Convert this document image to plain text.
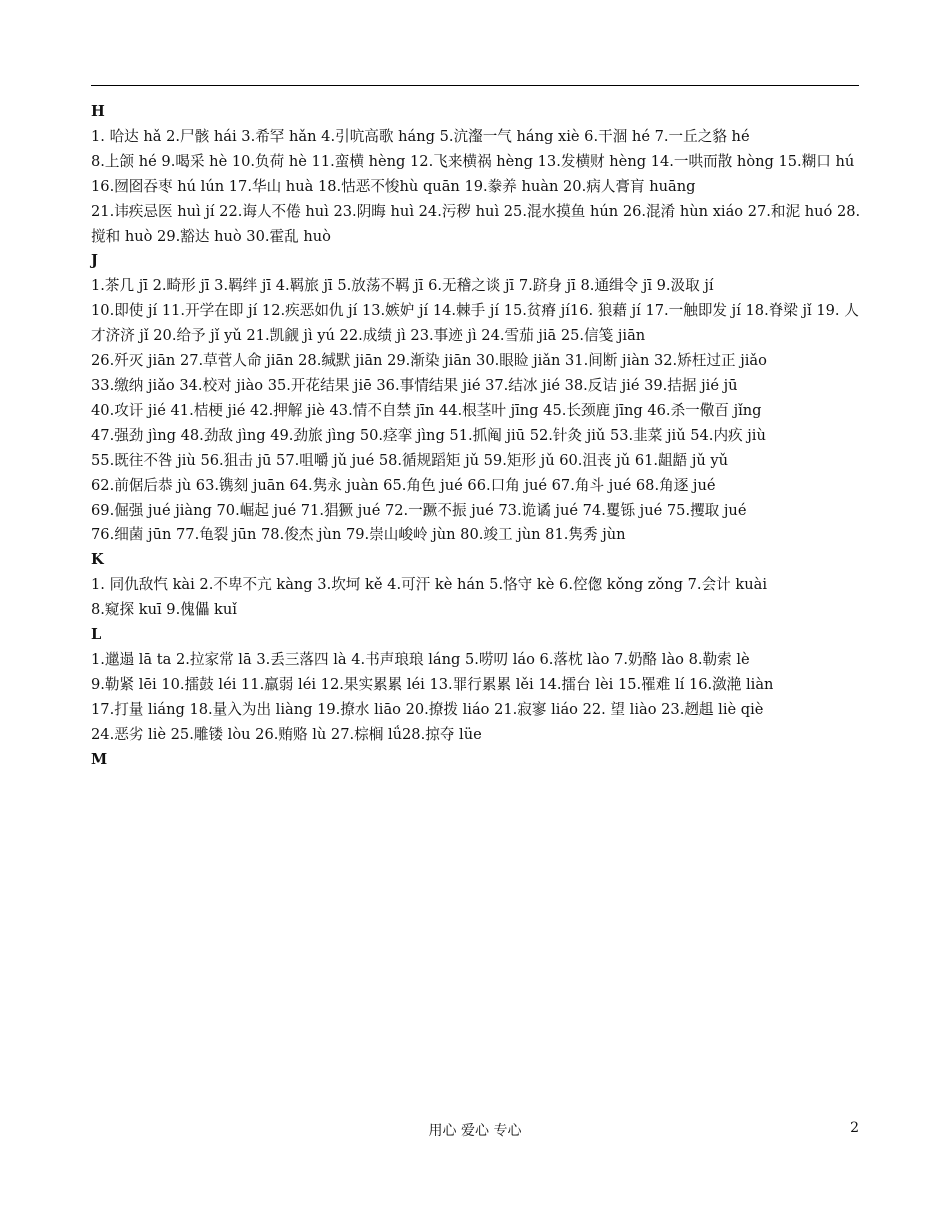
H

1. 哈达 hǎ 2.尸骸 hái 3.希罕 hǎn 4.引吭高歌 háng 5.沆瀣一气 háng xiè 6.干涸 hé 7.一丘之貉 hé

8.上颌 hé 9.喝采 hè 10.负荷 hè 11.蛮横 hèng 12.飞来横祸 hèng 13.发横财 hèng 14.一哄而散 hòng 15.糊口 hú 16.囫囵吞枣 hú lún 17.华山 huà 18.怙恶不悛hù quān 19.豢养 huàn 20.病人膏肓 huāng

21.讳疾忌医 huì jí 22.诲人不倦 huì 23.阴晦 huì 24.污秽 huì 25.混水摸鱼 hún 26.混淆 hùn xiáo 27.和泥 huó 28.搅和 huò 29.豁达 huò 30.霍乱 huò

J

1.茶几 jī 2.畸形 jī 3.羁绊 jī 4.羁旅 jī 5.放荡不羁 jī 6.无稽之谈 jī 7.跻身 jī 8.通缉令 jī 9.汲取 jí

10.即使 jí 11.开学在即 jí 12.疾恶如仇 jí 13.嫉妒 jí 14.棘手 jí 15.贫瘠 jí16. 狼藉 jí 17.一触即发 jí 18.脊梁 jǐ 19. 人才济济 jǐ 20.给予 jǐ yǔ 21.凯觎 jì yú 22.成绩 jì 23.事迹 jì 24.雪茄 jiā 25.信笺 jiān

26.歼灭 jiān 27.草菅人命 jiān 28.缄默 jiān 29.渐染 jiān 30.眼睑 jiǎn 31.间断 jiàn 32.矫枉过正 jiǎo

33.缴纳 jiǎo 34.校对 jiào 35.开花结果 jiē 36.事情结果 jié 37.结冰 jié 38.反诘 jié 39.拮据 jié jū

40.攻讦 jié 41.桔梗 jié 42.押解 jiè 43.情不自禁 jīn 44.根茎叶 jīng 45.长颈鹿 jīng 46.杀一儆百 jǐng

47.强劲 jìng 48.劲敌 jìng 49.劲旅 jìng 50.痉挛 jìng 51.抓阄 jiū 52.针灸 jiǔ 53.韭菜 jiǔ 54.内疚 jiù

55.既往不咎 jiù 56.狙击 jū 57.咀嚼 jǔ jué 58.循规蹈矩 jǔ 59.矩形 jǔ 60.沮丧 jǔ 61.龃龉 jǔ yǔ

62.前倨后恭 jù 63.镌刻 juān 64.隽永 juàn 65.角色 jué 66.口角 jué 67.角斗 jué 68.角逐 jué

69.倔强 jué jiàng 70.崛起 jué 71.猖獗 jué 72.一蹶不振 jué 73.诡谲 jué 74.矍铄 jué 75.攫取 jué

76.细菌 jūn 77.龟裂 jūn 78.俊杰 jùn 79.崇山峻岭 jùn 80.竣工 jùn 81.隽秀 jùn

K

1. 同仇敌忾 kài 2.不卑不亢 kàng 3.坎坷 kě 4.可汗 kè hán 5.恪守 kè 6.倥偬 kǒng zǒng 7.会计 kuài

8.窥探 kuī 9.傀儡 kuǐ

L

1.邋遢 lā ta 2.拉家常 lā 3.丢三落四 là 4.书声琅琅 láng 5.唠叨 láo 6.落枕 lào 7.奶酪 lào 8.勒索 lè

9.勒紧 lēi 10.擂鼓 léi 11.羸弱 léi 12.果实累累 léi 13.罪行累累 lěi 14.擂台 lèi 15.罹难 lí 16.潋滟 liàn

17.打量 liáng 18.量入为出 liàng 19.撩水 liāo 20.撩拨 liáo 21.寂寥 liáo 22. 望 liào 23.趔趄 liè qiè

24.恶劣 liè 25.雕镂 lòu 26.贿赂 lù 27.棕榈 lǘ28.掠夺 lüe

M

用心 爱心 专心	2
